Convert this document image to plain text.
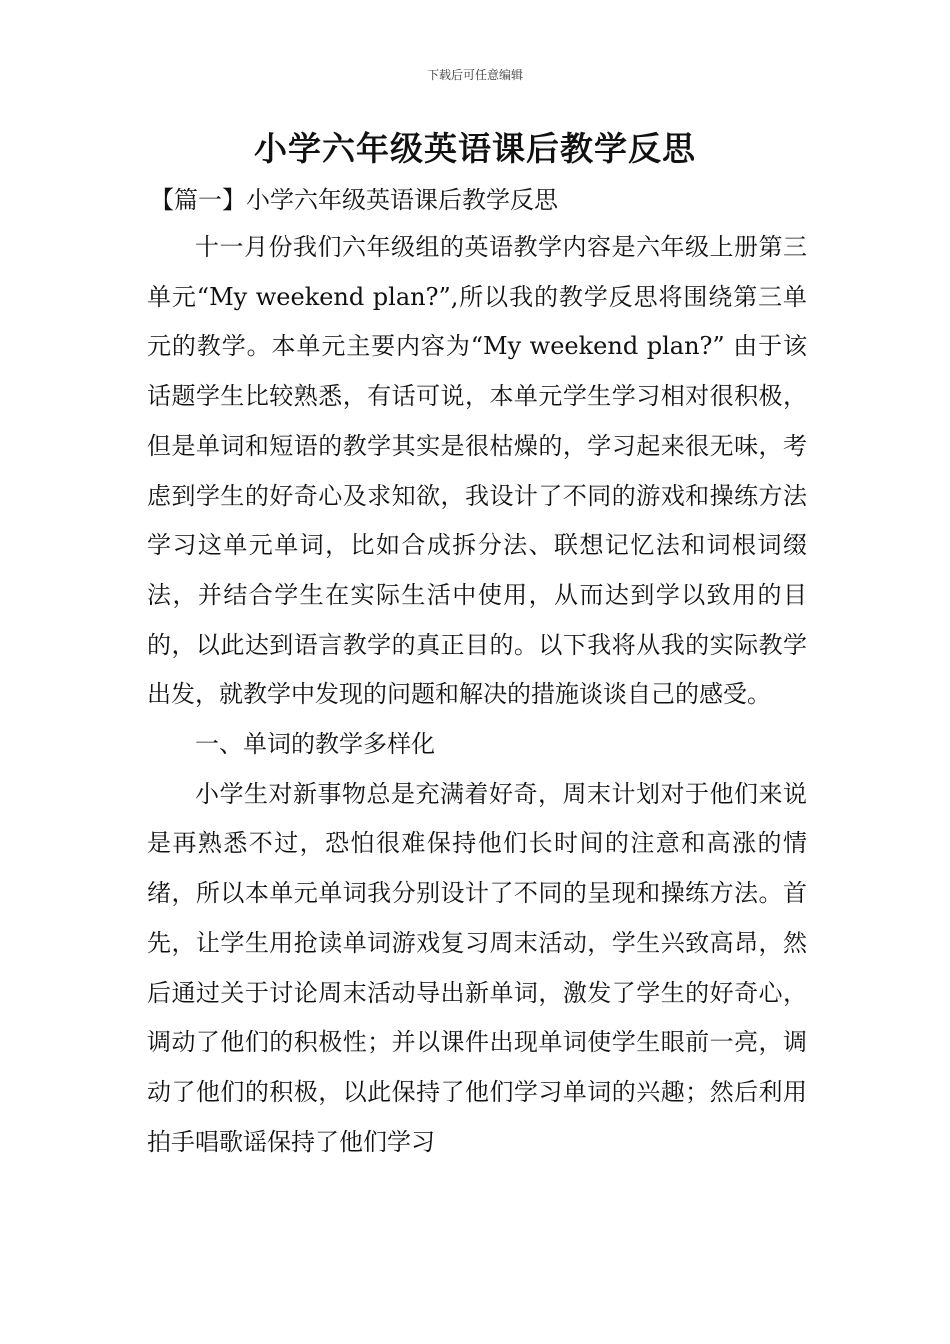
下载后可任意编辑
小学六年级英语课后教学反思
【篇一】小学六年级英语课后教学反思

十一月份我们六年级组的英语教学内容是六年级上册第三单元“My weekend plan?”,所以我的教学反思将围绕第三单元的教学。本单元主要内容为“My weekend plan?” 由于该话题学生比较熟悉，有话可说，本单元学生学习相对很积极，但是单词和短语的教学其实是很枯燥的，学习起来很无味，考虑到学生的好奇心及求知欲，我设计了不同的游戏和操练方法学习这单元单词，比如合成拆分法、联想记忆法和词根词缀法，并结合学生在实际生活中使用，从而达到学以致用的目的，以此达到语言教学的真正目的。以下我将从我的实际教学出发，就教学中发现的问题和解决的措施谈谈自己的感受。

一、单词的教学多样化

小学生对新事物总是充满着好奇，周末计划对于他们来说是再熟悉不过，恐怕很难保持他们长时间的注意和高涨的情绪，所以本单元单词我分别设计了不同的呈现和操练方法。首先，让学生用抢读单词游戏复习周末活动，学生兴致高昂，然后通过关于讨论周末活动导出新单词，激发了学生的好奇心，调动了他们的积极性；并以课件出现单词使学生眼前一亮，调动了他们的积极，以此保持了他们学习单词的兴趣；然后利用拍手唱歌谣保持了他们学习
